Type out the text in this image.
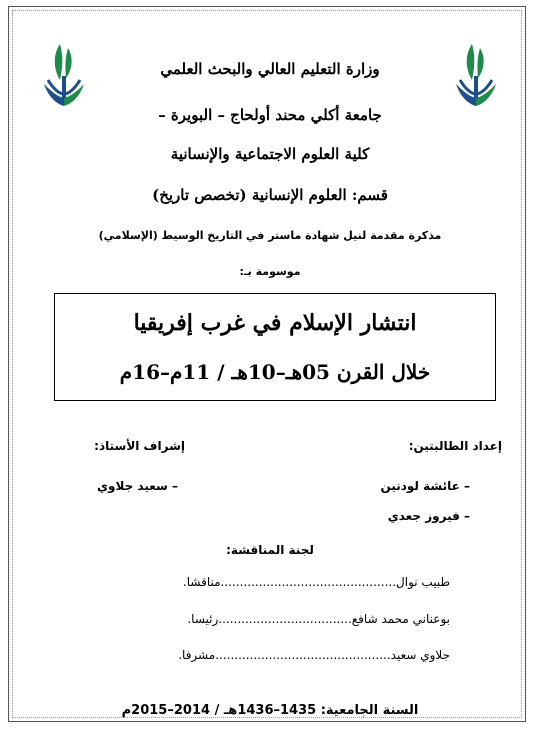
وزارة التعليم العالي والبحث العلمي
جامعة أكلي محند أولحاج – البويرة –
كلية العلوم الاجتماعية والإنسانية
قسم: العلوم الإنسانية (تخصص تاريخ)
مذكرة مقدمة لنيل شهادة ماستر في التاريخ الوسيط (الإسلامي)
موسومة بـ:
انتشار الإسلام في غرب إفريقيا
خلال القرن 05هـ–10هـ / 11م–16م
إعداد الطالبتين:
– عائشة لودنين
– فيروز جعدي
إشراف الأستاذ:
– سعيد جلاوي
لجنة المناقشة:
طبيب نوال..............................................مناقشا.
بوعناني محمد شافع...................................رئيسا.
جلاوي سعيد..............................................مشرفا.
السنة الجامعية: 1435–1436هـ / 2014–2015م
